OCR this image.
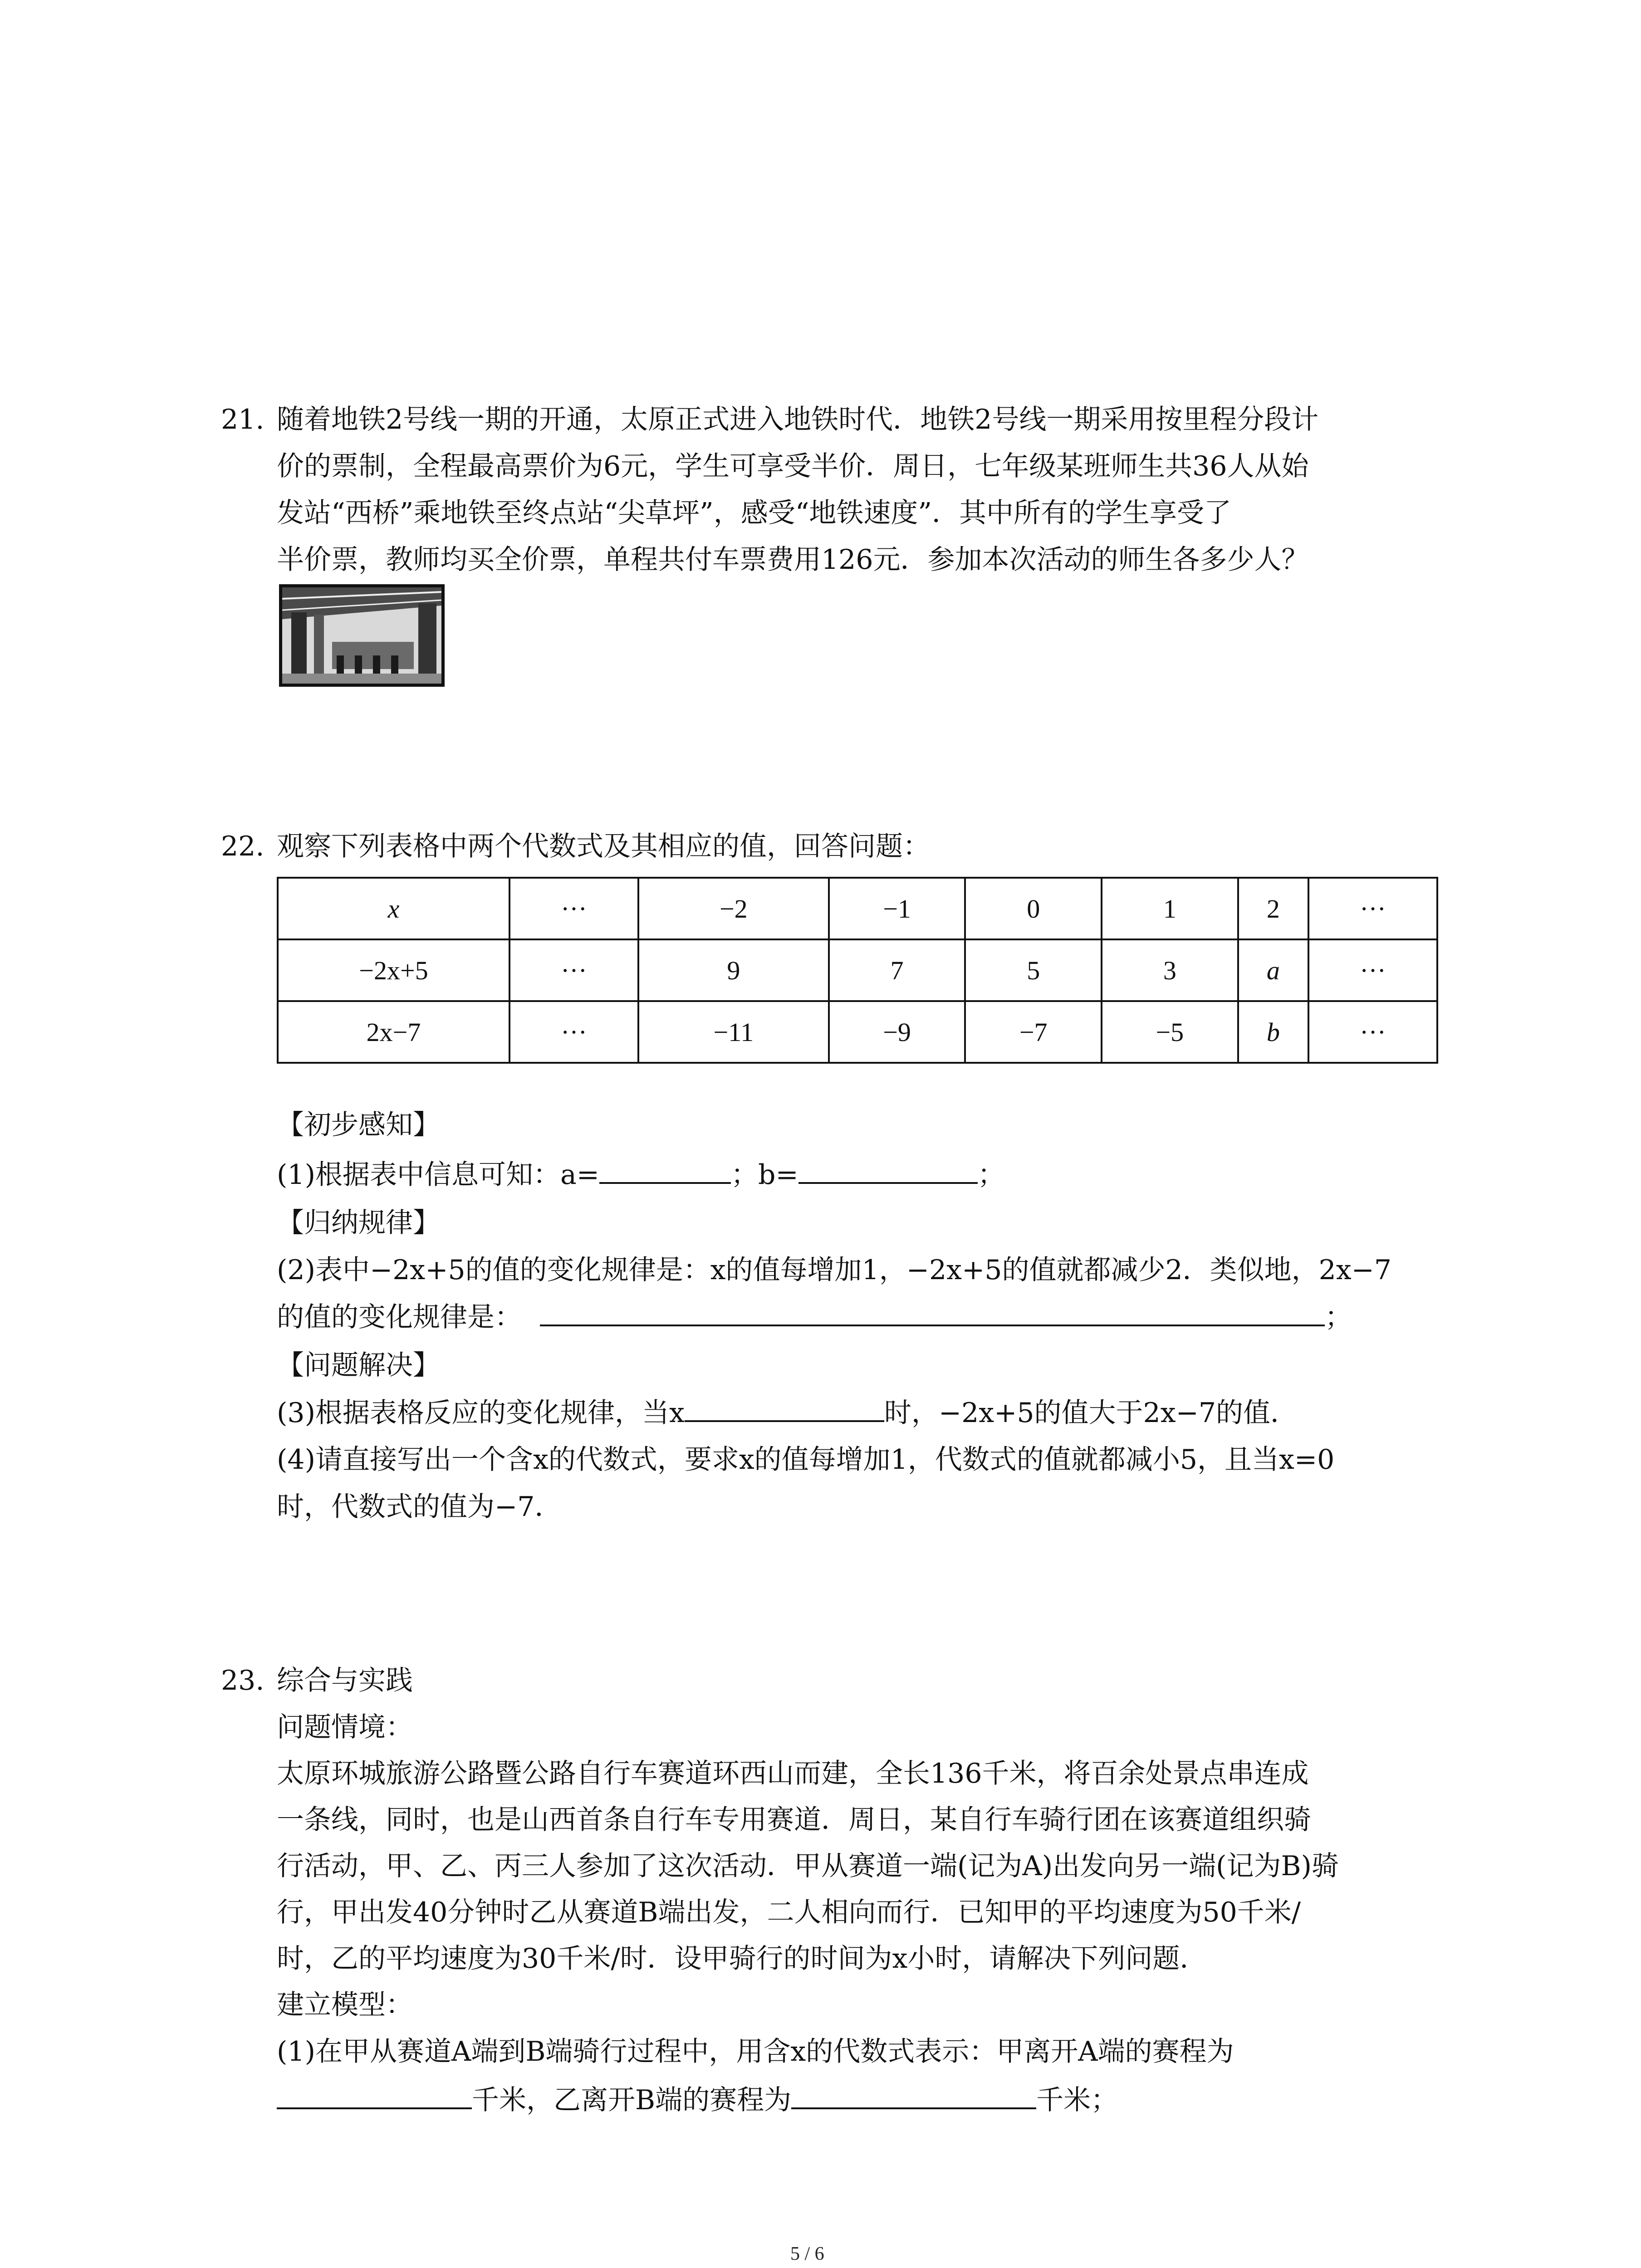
21. 随着地铁2号线一期的开通，太原正式进入地铁时代．地铁2号线一期采用按里程分段计
价的票制，全程最高票价为6元，学生可享受半价．周日，七年级某班师生共36人从始
发站“西桥”乘地铁至终点站“尖草坪”，感受“地铁速度”．其中所有的学生享受了
半价票，教师均买全价票，单程共付车票费用126元．参加本次活动的师生各多少人？
22. 观察下列表格中两个代数式及其相应的值，回答问题：
x	···	−2	−1	0	1	2	···
−2x+5	···	9	7	5	3	a	···
2x−7	···	−11	−9	−7	−5	b	···
【初步感知】
(1)根据表中信息可知：a=	；b=	；
【归纳规律】
(2)表中−2x+5的值的变化规律是：x的值每增加1，−2x+5的值就都减少2．类似地，2x−7
的值的变化规律是：	；
【问题解决】
(3)根据表格反应的变化规律，当x	时，−2x+5的值大于2x−7的值．
(4)请直接写出一个含x的代数式，要求x的值每增加1，代数式的值就都减小5，且当x=0
时，代数式的值为−7．
23. 综合与实践
问题情境：
太原环城旅游公路暨公路自行车赛道环西山而建，全长136千米，将百余处景点串连成
一条线，同时，也是山西首条自行车专用赛道．周日，某自行车骑行团在该赛道组织骑
行活动，甲、乙、丙三人参加了这次活动．甲从赛道一端(记为A)出发向另一端(记为B)骑
行，甲出发40分钟时乙从赛道B端出发，二人相向而行．已知甲的平均速度为50千米/
时，乙的平均速度为30千米/时．设甲骑行的时间为x小时，请解决下列问题．
建立模型：
(1)在甲从赛道A端到B端骑行过程中，用含x的代数式表示：甲离开A端的赛程为
千米，乙离开B端的赛程为	千米；
5 / 6
